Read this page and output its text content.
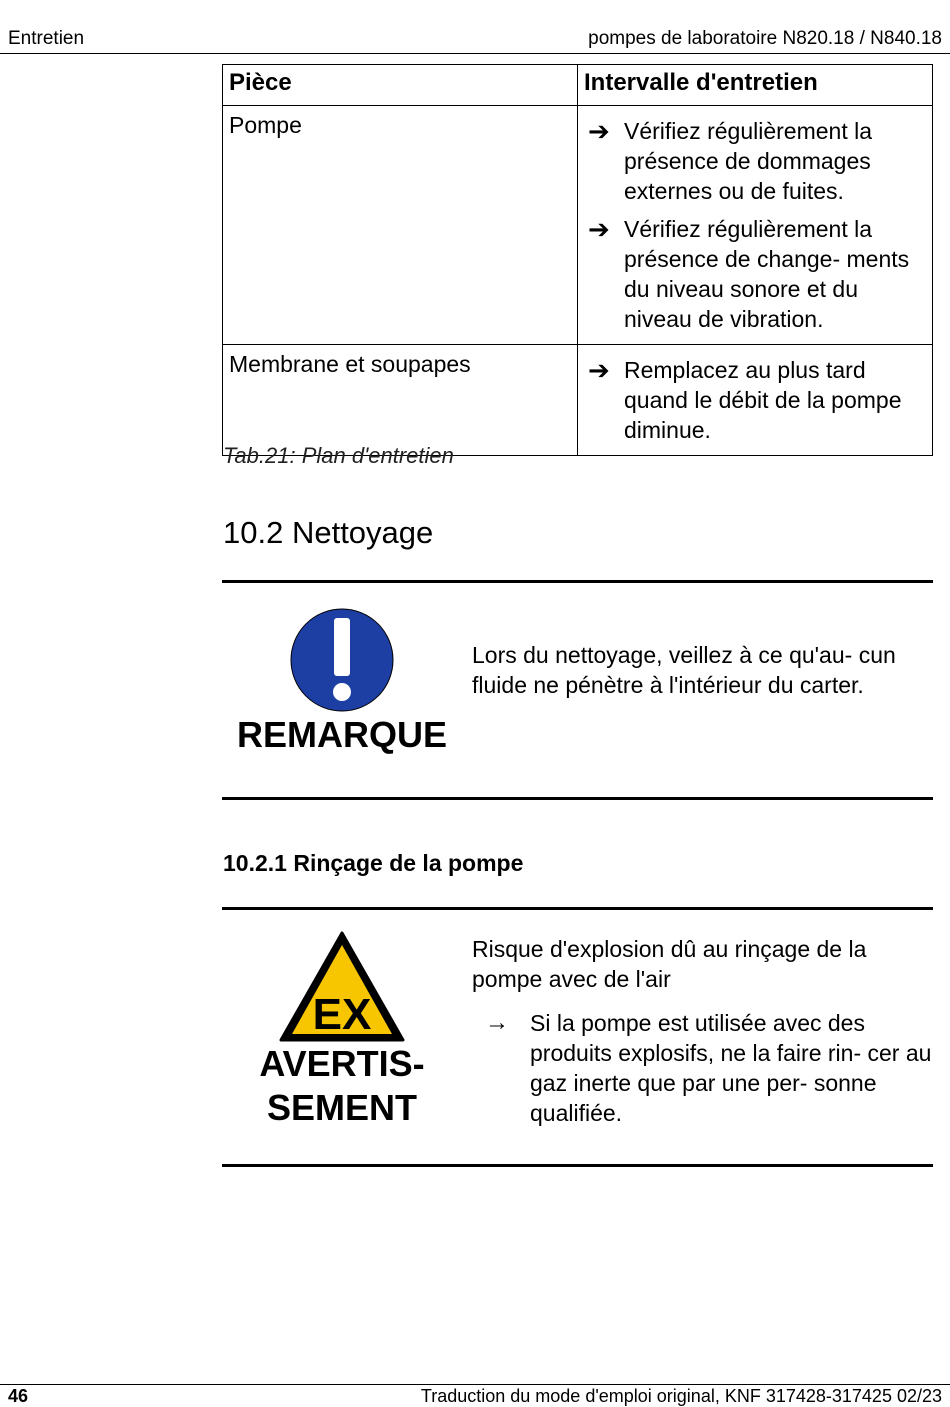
Entretien	pompes de laboratoire N820.18 / N840.18
Pièce	Intervalle d'entretien
Pompe	➔ Vérifiez régulièrement la présence de dommages externes ou de fuites.
➔ Vérifiez régulièrement la présence de change- ments du niveau sonore et du niveau de vibration.

Membrane et soupapes	➔ Remplacez au plus tard quand le débit de la pompe diminue.
Tab.21: Plan d'entretien
10.2 Nettoyage
REMARQUE
Lors du nettoyage, veillez à ce qu'au- cun fluide ne pénètre à l'intérieur du carter.
10.2.1 Rinçage de la pompe
EX
AVERTIS-
SEMENT
Risque d'explosion dû au rinçage de la pompe avec de l'air
→ Si la pompe est utilisée avec des produits explosifs, ne la faire rin- cer au gaz inerte que par une per- sonne qualifiée.
46	Traduction du mode d'emploi original, KNF 317428-317425 02/23
